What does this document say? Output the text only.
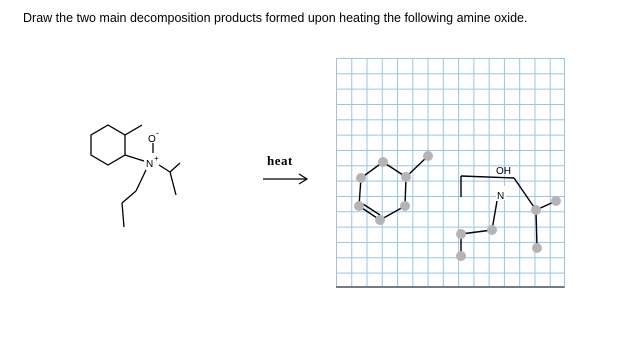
Draw the two main decomposition products formed upon heating the following amine oxide.

O
-
N
+	heat
OH
N
